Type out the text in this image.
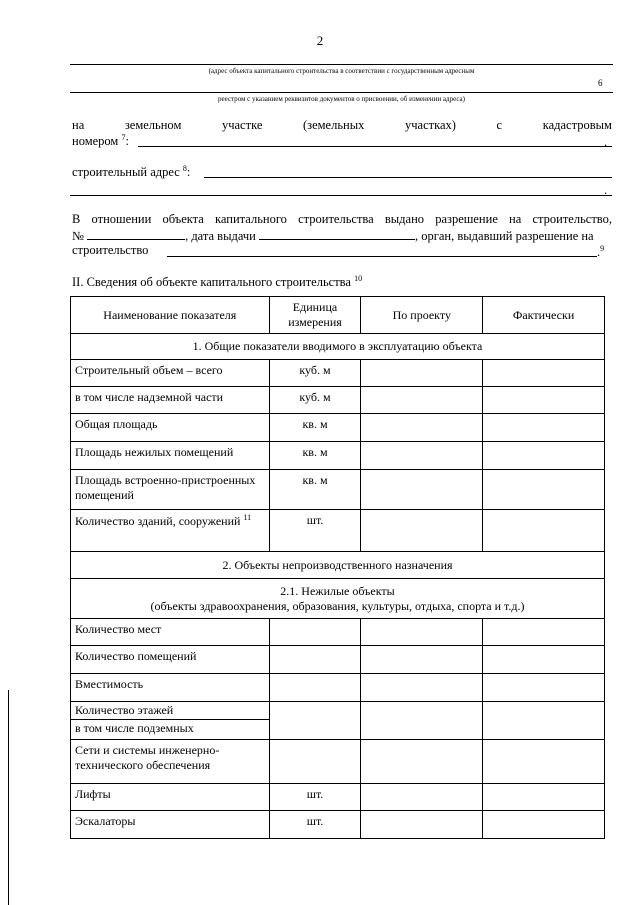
2
(адрес объекта капитального строительства в соответствии с государственным адресным
6
реестром с указанием реквизитов документов о присвоении, об изменении адреса)
на	земельном	участке	(земельных	участках)	с	кадастровым
номером $^7$:	.
строительный адрес $^8$:
.
В отношении объекта капитального строительства выдано разрешение на строительство,
№	, дата выдачи	, орган, выдавший разрешение на
строительство	.$^9$
II. Сведения об объекте капитального строительства $^{10}$
Наименование показателя	Единица измерения	По проекту	Фактически
1. Общие показатели вводимого в эксплуатацию объекта			
Строительный объем – всего	куб. м		
в том числе надземной части	куб. м		
Общая площадь	кв. м		
Площадь нежилых помещений	кв. м		
Площадь встроенно-пристроенных помещений	кв. м		
Количество зданий, сооружений $^{11}$	шт.		
2. Объекты непроизводственного назначения			

2.1. Нежилые объекты
(объекты здравоохранения, образования, культуры, отдыха, спорта и т.д.)			

Количество мест			
Количество помещений			
Вместимость			
Количество этажей			
в том числе подземных			
Сети и системы инженерно-технического обеспечения			
Лифты	шт.		
Эскалаторы	шт.		
